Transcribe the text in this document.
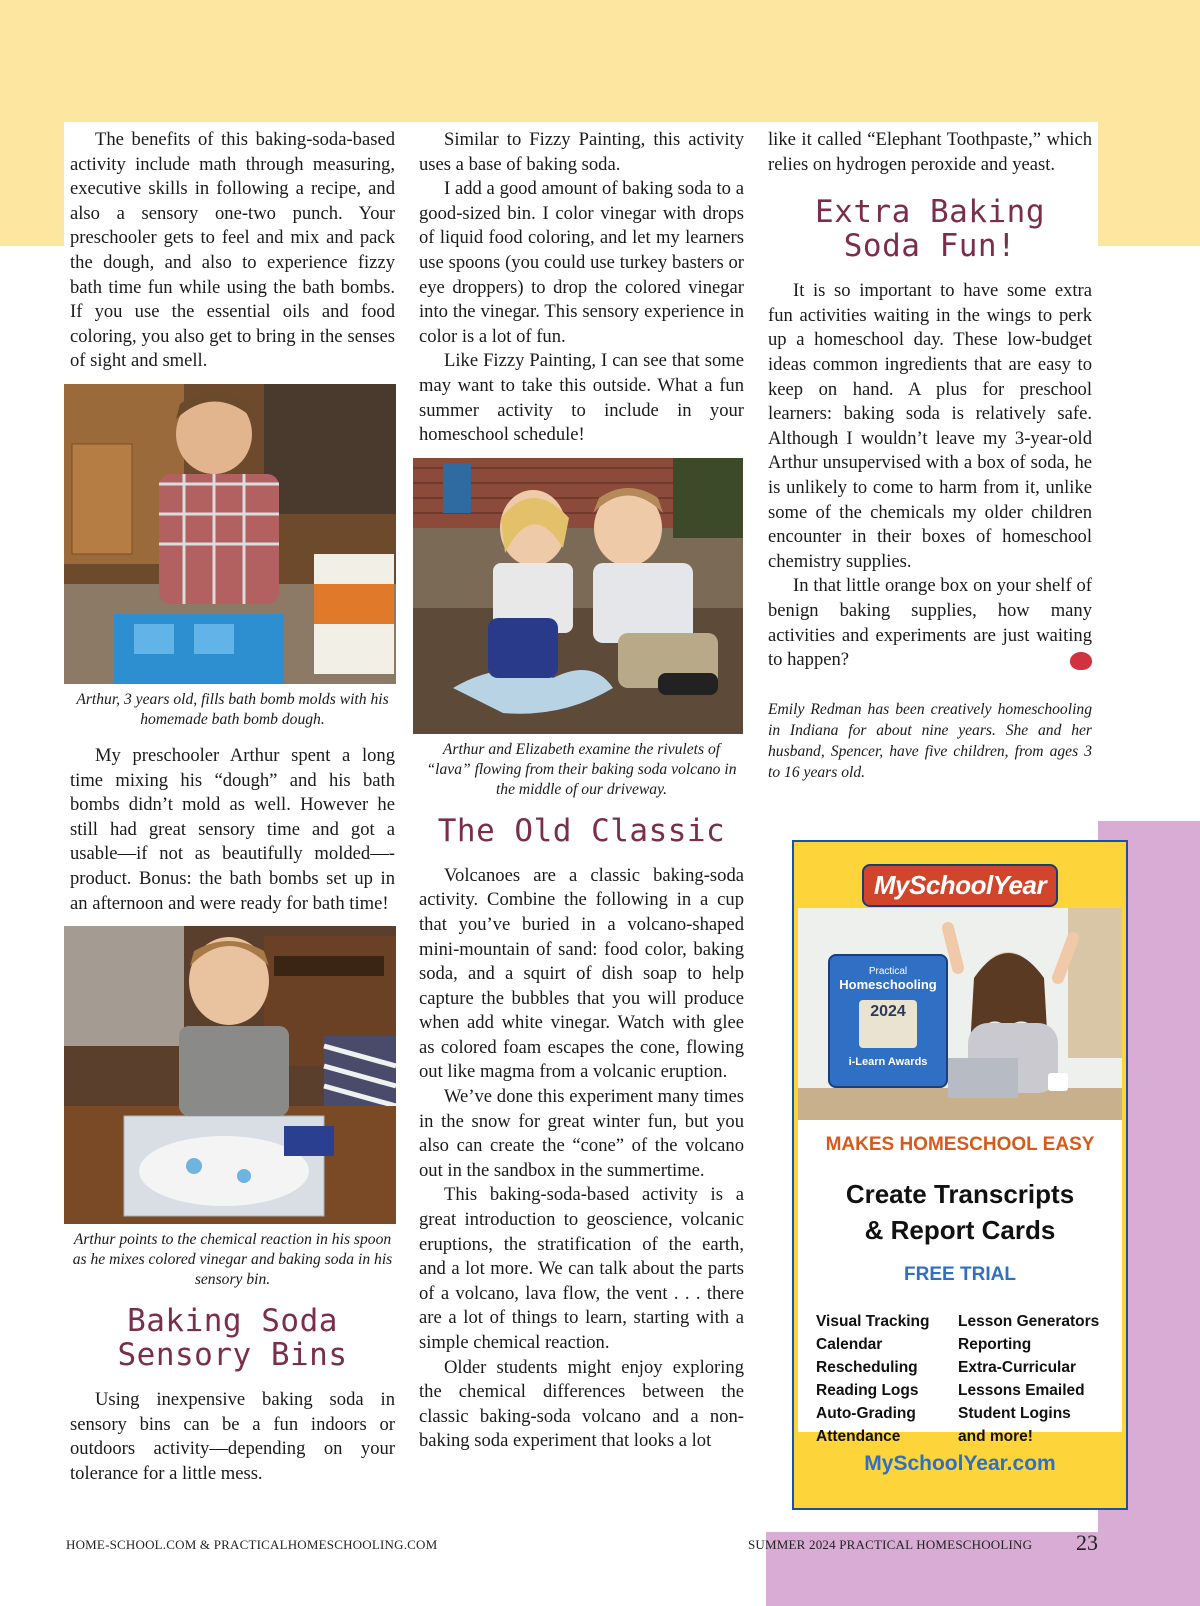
The benefits of this baking-soda-based activity include math through measuring, executive skills in following a recipe, and also a sensory one-two punch. Your preschooler gets to feel and mix and pack the dough, and also to experience fizzy bath time fun while using the bath bombs. If you use the essential oils and food coloring, you also get to bring in the senses of sight and smell.

Arthur, 3 years old, fills bath bomb molds with his homemade bath bomb dough.

My preschooler Arthur spent a long time mixing his “dough” and his bath bombs didn’t mold as well. However he still had great sensory time and got a usable—if not as beautifully molded—-product. Bonus: the bath bombs set up in an afternoon and were ready for bath time!

Arthur points to the chemical reaction in his spoon as he mixes colored vinegar and baking soda in his sensory bin.
Baking Soda Sensory Bins

Using inexpensive baking soda in sensory bins can be a fun indoors or outdoors activity—depending on your tolerance for a little mess.

Similar to Fizzy Painting, this activity uses a base of baking soda.

I add a good amount of baking soda to a good-sized bin. I color vinegar with drops of liquid food coloring, and let my learners use spoons (you could use turkey basters or eye droppers) to drop the colored vinegar into the vinegar. This sensory experience in color is a lot of fun.

Like Fizzy Painting, I can see that some may want to take this outside. What a fun summer activity to include in your homeschool schedule!

Arthur and Elizabeth examine the rivulets of “lava” flowing from their baking soda volcano in the middle of our driveway.
The Old Classic

Volcanoes are a classic baking-soda activity. Combine the following in a cup that you’ve buried in a volcano-shaped mini-mountain of sand: food color, baking soda, and a squirt of dish soap to help capture the bubbles that you will produce when add white vinegar. Watch with glee as colored foam escapes the cone, flowing out like magma from a volcanic eruption.

We’ve done this experiment many times in the snow for great winter fun, but you also can create the “cone” of the volcano out in the sandbox in the summertime.

This baking-soda-based activity is a great introduction to geoscience, volcanic eruptions, the stratification of the earth, and a lot more. We can talk about the parts of a volcano, lava flow, the vent . . . there are a lot of things to learn, starting with a simple chemical reaction.

Older students might enjoy exploring the chemical differences between the classic baking-soda volcano and a non-baking soda experiment that looks a lot

like it called “Elephant Toothpaste,” which relies on hydrogen peroxide and yeast.

Extra Baking Soda Fun!

It is so important to have some extra fun activities waiting in the wings to perk up a homeschool day. These low-budget ideas common ingredients that are easy to keep on hand. A plus for preschool learners: baking soda is relatively safe. Although I wouldn’t leave my 3-year-old Arthur unsupervised with a box of soda, he is unlikely to come to harm from it, unlike some of the chemicals my older children encounter in their boxes of homeschool chemistry supplies.

In that little orange box on your shelf of benign baking supplies, how many activities and experiments are just waiting to happen?	PHS

Emily Redman has been creatively homeschooling in Indiana for about nine years. She and her husband, Spencer, have five children, from ages 3 to 16 years old.
MySchoolYear
Practical
Homeschooling
2024
i-Learn Awards
MAKES HOMESCHOOL EASY
Create Transcripts
& Report Cards
FREE TRIAL
Visual Tracking
Calendar
Rescheduling
Reading Logs
Auto-Grading
Attendance
Lesson Generators
Reporting
Extra-Curricular
Lessons Emailed
Student Logins
and more!
MySchoolYear.com
HOME-SCHOOL.COM & PRACTICALHOMESCHOOLING.COM	SUMMER 2024 PRACTICAL HOMESCHOOLING 23
